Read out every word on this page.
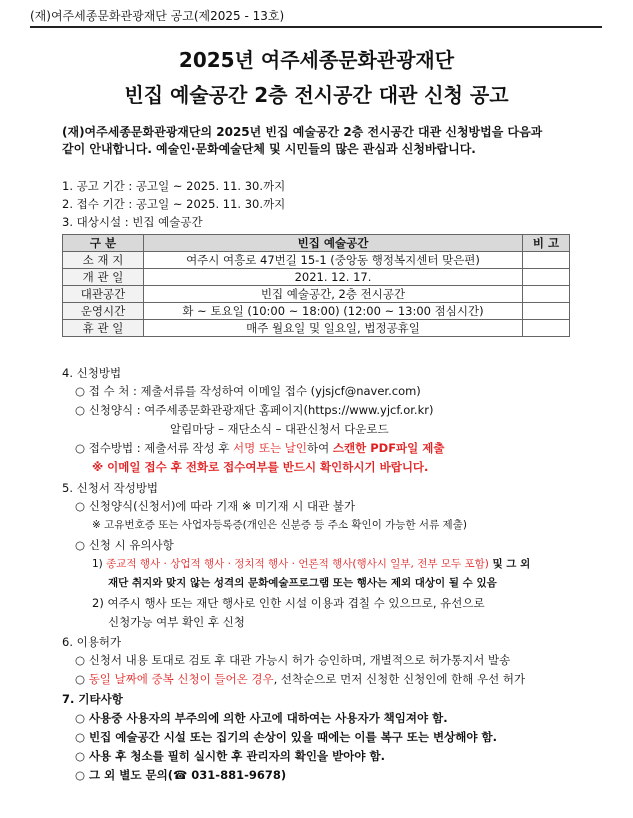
(재)여주세종문화관광재단 공고(제2025 - 13호)
2025년 여주세종문화관광재단
빈집 예술공간 2층 전시공간 대관 신청 공고
(재)여주세종문화관광재단의 2025년 빈집 예술공간 2층 전시공간 대관 신청방법을 다음과
같이 안내합니다. 예술인·문화예술단체 및 시민들의 많은 관심과 신청바랍니다.
1. 공고 기간 : 공고일 ~ 2025. 11. 30.까지
2. 접수 기간 : 공고일 ~ 2025. 11. 30.까지
3. 대상시설 : 빈집 예술공간
구 분	빈집 예술공간	비 고
소 재 지	여주시 여흥로 47번길 15-1 (중앙동 행정복지센터 맞은편)	
개 관 일	2021. 12. 17.	
대관공간	빈집 예술공간, 2층 전시공간	
운영시간	화 ~ 토요일 (10:00 ~ 18:00) (12:00 ~ 13:00 점심시간)	
휴 관 일	매주 월요일 및 일요일, 법정공휴일	
4. 신청방법
○ 접 수 처 : 제출서류를 작성하여 이메일 접수 (yjsjcf@naver.com)
○ 신청양식 : 여주세종문화관광재단 홈페이지(https://www.yjcf.or.kr)
알림마당 – 재단소식 – 대관신청서 다운로드
○ 접수방법 : 제출서류 작성 후 서명 또는 날인하여 스캔한 PDF파일 제출
※ 이메일 접수 후 전화로 접수여부를 반드시 확인하시기 바랍니다.
5. 신청서 작성방법
○ 신청양식(신청서)에 따라 기재 ※ 미기재 시 대관 불가
※ 고유번호증 또는 사업자등록증(개인은 신분증 등 주소 확인이 가능한 서류 제출)
○ 신청 시 유의사항
1) 종교적 행사 · 상업적 행사 · 정치적 행사 · 언론적 행사(행사시 일부, 전부 모두 포함) 및 그 외
재단 취지와 맞지 않는 성격의 문화예술프로그램 또는 행사는 제외 대상이 될 수 있음
2) 여주시 행사 또는 재단 행사로 인한 시설 이용과 겹칠 수 있으므로, 유선으로
신청가능 여부 확인 후 신청
6. 이용허가
○ 신청서 내용 토대로 검토 후 대관 가능시 허가 승인하며, 개별적으로 허가통지서 발송
○ 동일 날짜에 중복 신청이 들어온 경우, 선착순으로 먼저 신청한 신청인에 한해 우선 허가
7. 기타사항
○ 사용중 사용자의 부주의에 의한 사고에 대하여는 사용자가 책임져야 함.
○ 빈집 예술공간 시설 또는 집기의 손상이 있을 때에는 이를 복구 또는 변상해야 함.
○ 사용 후 청소를 필히 실시한 후 관리자의 확인을 받아야 함.
○ 그 외 별도 문의(☎ 031-881-9678)
